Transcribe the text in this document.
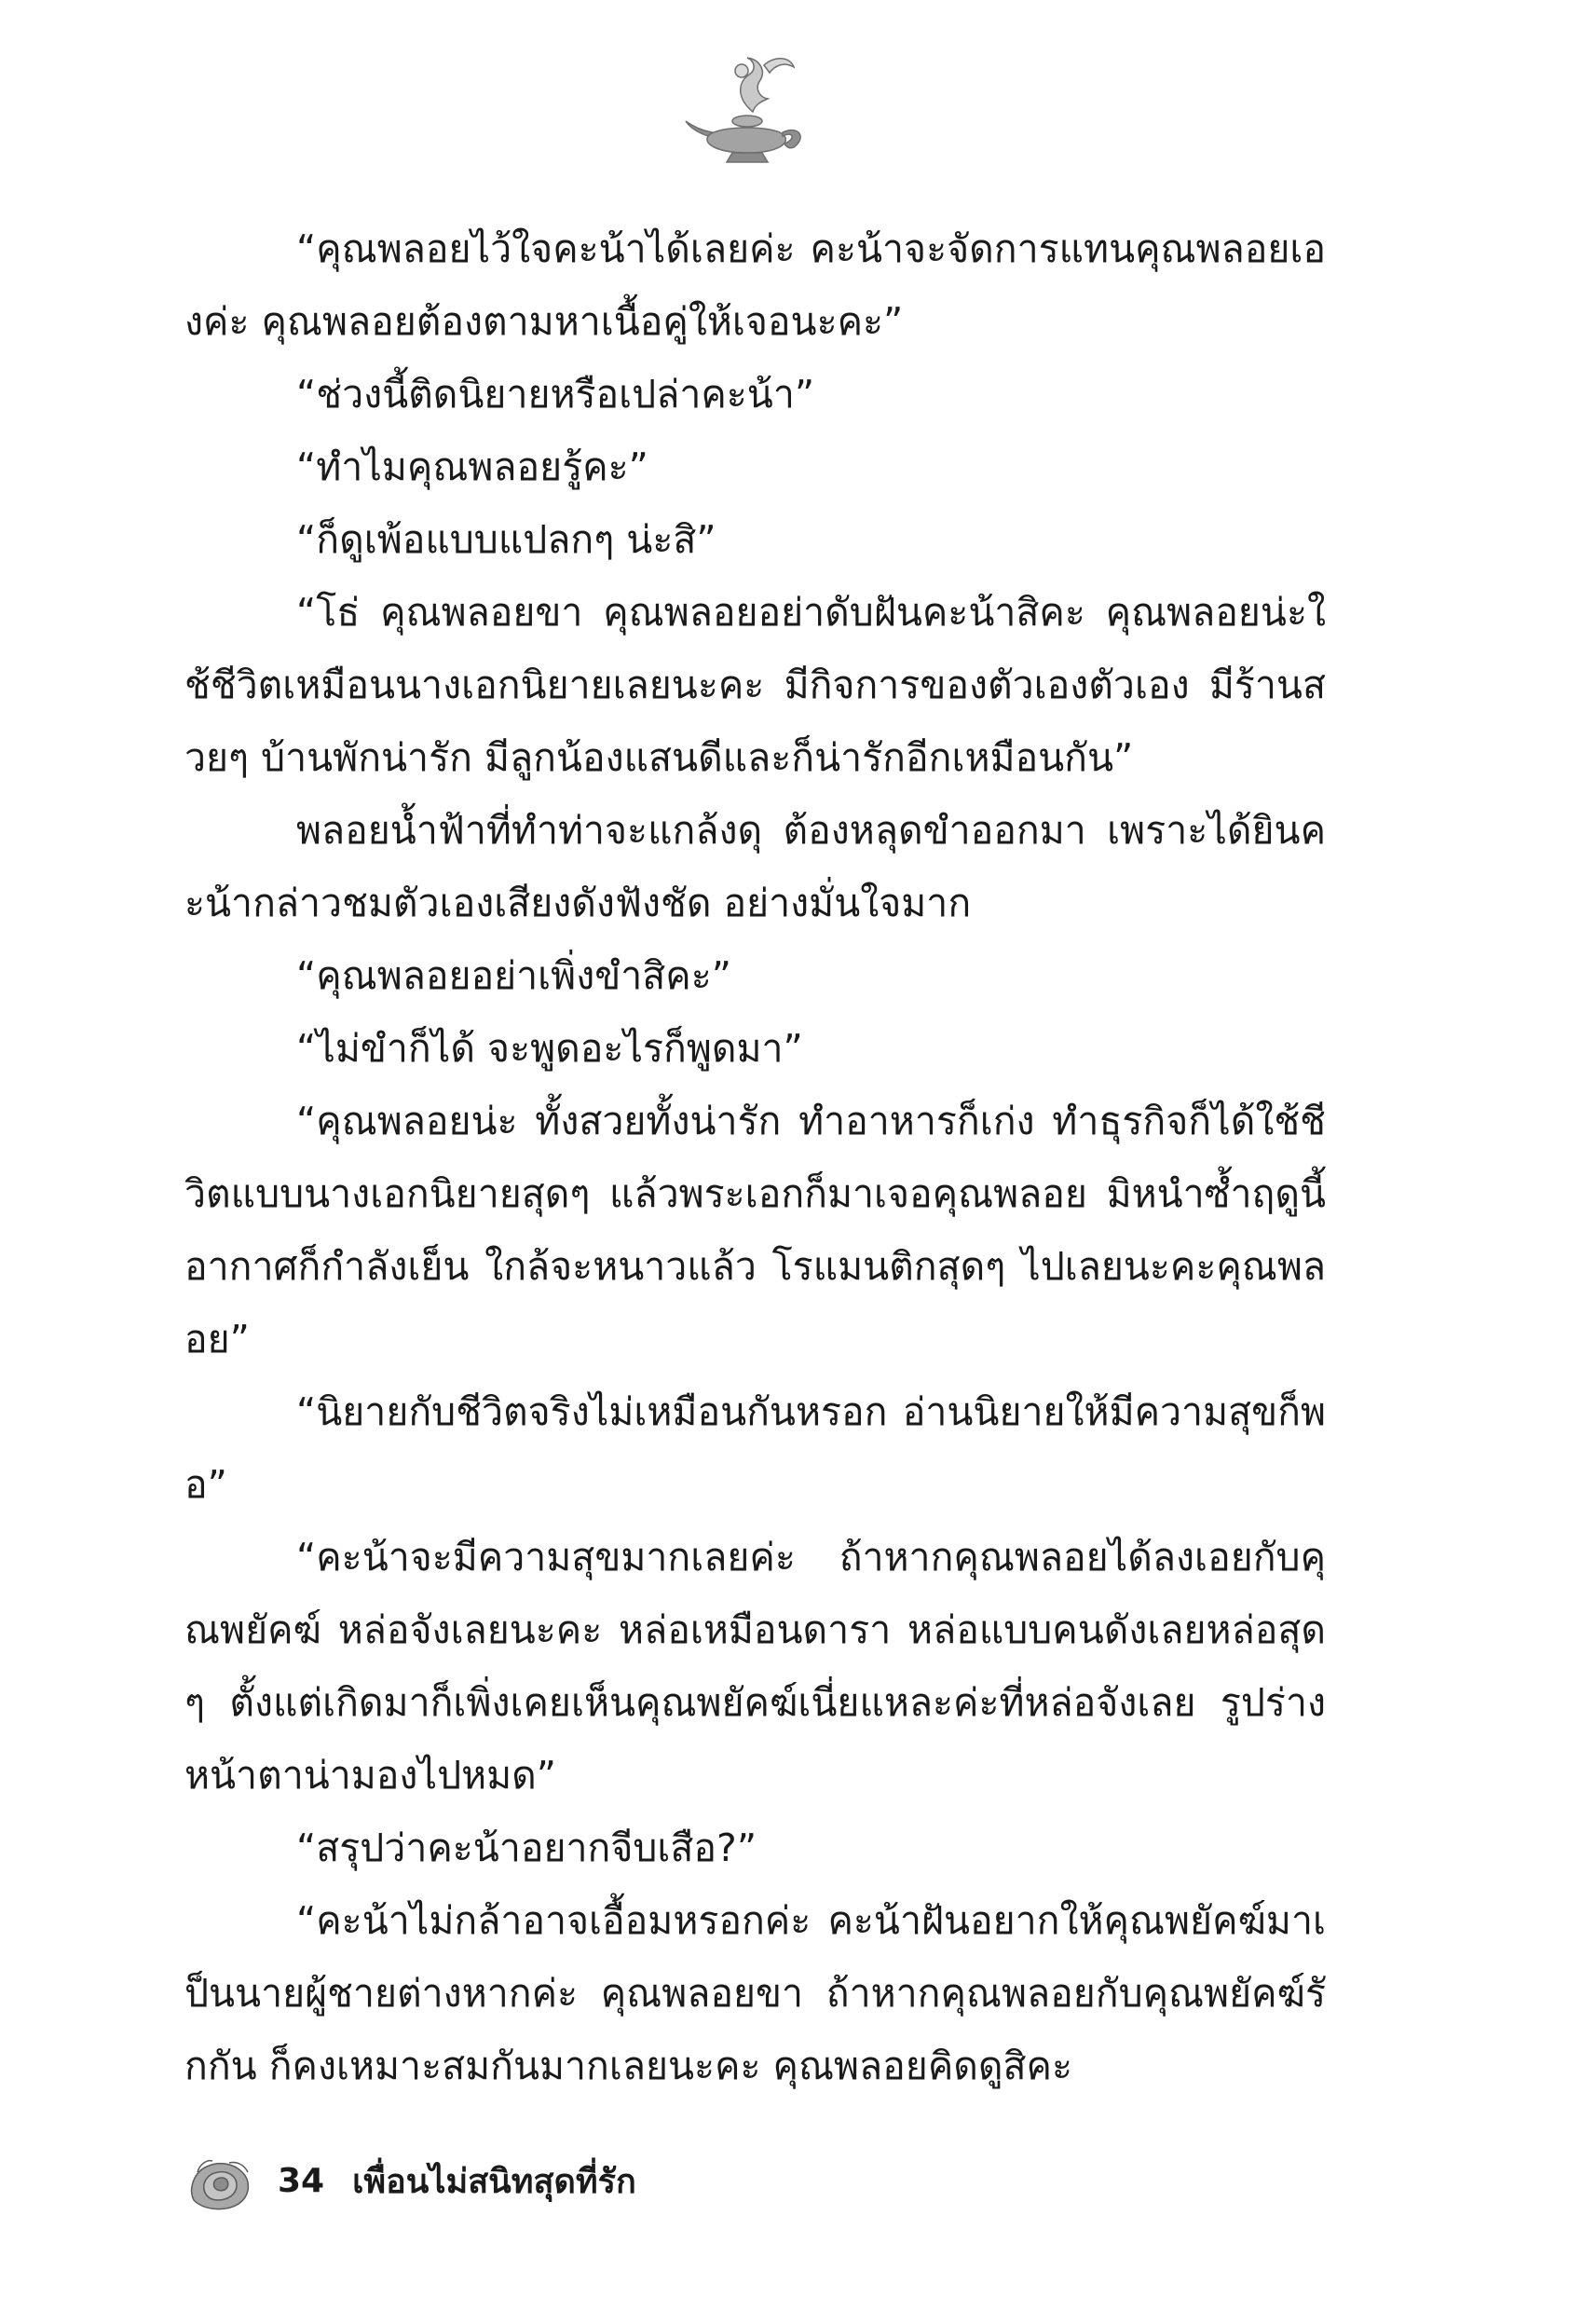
“คุณพลอยไว้ใจคะน้าได้เลยค่ะ คะน้าจะจัดการแทนคุณพลอยเองค่ะ คุณพลอยต้องตามหาเนื้อคู่ให้เจอนะคะ”

“ช่วงนี้ติดนิยายหรือเปล่าคะน้า”

“ทำไมคุณพลอยรู้คะ”

“ก็ดูเพ้อแบบแปลกๆ น่ะสิ”

“โธ่ คุณพลอยขา คุณพลอยอย่าดับฝันคะน้าสิคะ คุณพลอยน่ะใช้ชีวิตเหมือนนางเอกนิยายเลยนะคะ มีกิจการของตัวเองตัวเอง มีร้านสวยๆ บ้านพักน่ารัก มีลูกน้องแสนดีและก็น่ารักอีกเหมือนกัน”

พลอยน้ำฟ้าที่ทำท่าจะแกล้งดุ ต้องหลุดขำออกมา เพราะได้ยินคะน้ากล่าวชมตัวเองเสียงดังฟังชัด อย่างมั่นใจมาก

“คุณพลอยอย่าเพิ่งขำสิคะ”

“ไม่ขำก็ได้ จะพูดอะไรก็พูดมา”

“คุณพลอยน่ะ ทั้งสวยทั้งน่ารัก ทำอาหารก็เก่ง ทำธุรกิจก็ได้ใช้ชีวิตแบบนางเอกนิยายสุดๆ แล้วพระเอกก็มาเจอคุณพลอย มิหนำซ้ำฤดูนี้ อากาศก็กำลังเย็น ใกล้จะหนาวแล้ว โรแมนติกสุดๆ ไปเลยนะคะคุณพลอย”

“นิยายกับชีวิตจริงไม่เหมือนกันหรอก อ่านนิยายให้มีความสุขก็พอ”

“คะน้าจะมีความสุขมากเลยค่ะ ถ้าหากคุณพลอยได้ลงเอยกับคุณพยัคฆ์ หล่อจังเลยนะคะ หล่อเหมือนดารา หล่อแบบคนดังเลยหล่อสุดๆ ตั้งแต่เกิดมาก็เพิ่งเคยเห็นคุณพยัคฆ์เนี่ยแหละค่ะที่หล่อจังเลย รูปร่างหน้าตาน่ามองไปหมด”

“สรุปว่าคะน้าอยากจีบเสือ?”

“คะน้าไม่กล้าอาจเอื้อมหรอกค่ะ คะน้าฝันอยากให้คุณพยัคฆ์มาเป็นนายผู้ชายต่างหากค่ะ คุณพลอยขา ถ้าหากคุณพลอยกับคุณพยัคฆ์รักกัน ก็คงเหมาะสมกันมากเลยนะคะ คุณพลอยคิดดูสิคะ

34 เพื่อนไม่สนิทสุดที่รัก
